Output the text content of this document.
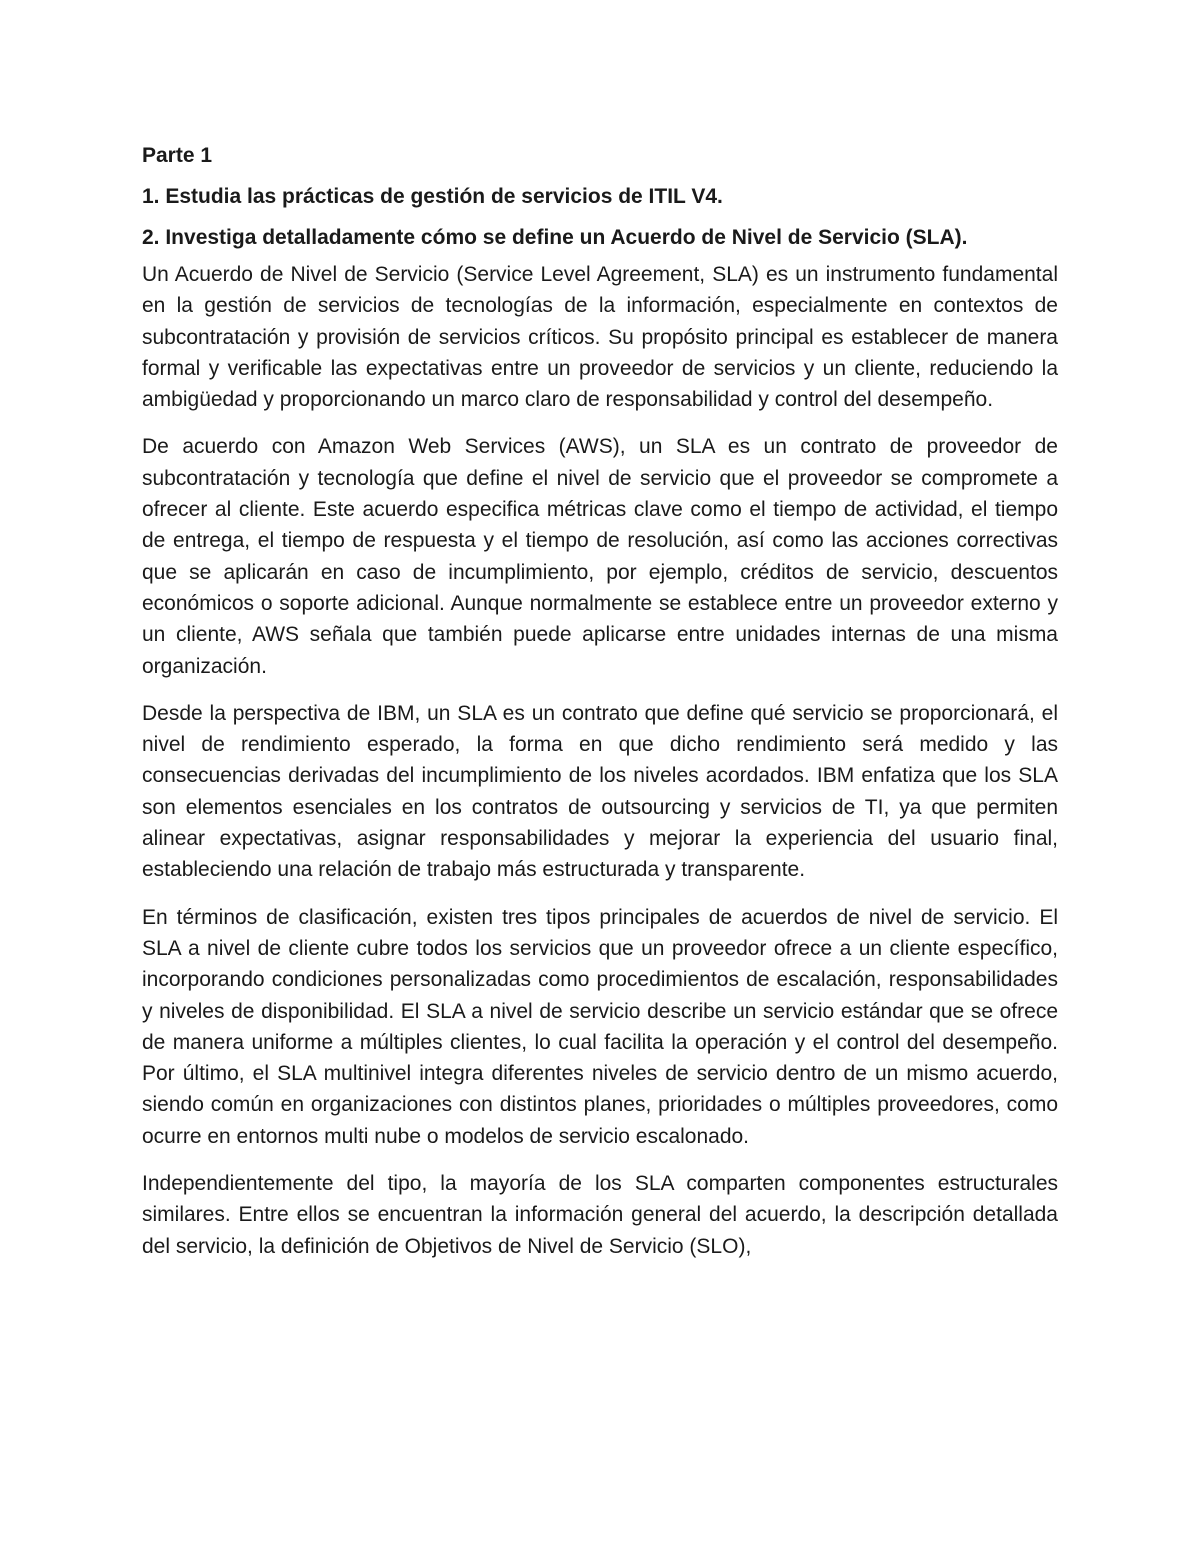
Parte 1
1. Estudia las prácticas de gestión de servicios de ITIL V4.
2. Investiga detalladamente cómo se define un Acuerdo de Nivel de Servicio (SLA).

Un Acuerdo de Nivel de Servicio (Service Level Agreement, SLA) es un instrumento fundamental en la gestión de servicios de tecnologías de la información, especialmente en contextos de subcontratación y provisión de servicios críticos. Su propósito principal es establecer de manera formal y verificable las expectativas entre un proveedor de servicios y un cliente, reduciendo la ambigüedad y proporcionando un marco claro de responsabilidad y control del desempeño.

De acuerdo con Amazon Web Services (AWS), un SLA es un contrato de proveedor de subcontratación y tecnología que define el nivel de servicio que el proveedor se compromete a ofrecer al cliente. Este acuerdo especifica métricas clave como el tiempo de actividad, el tiempo de entrega, el tiempo de respuesta y el tiempo de resolución, así como las acciones correctivas que se aplicarán en caso de incumplimiento, por ejemplo, créditos de servicio, descuentos económicos o soporte adicional. Aunque normalmente se establece entre un proveedor externo y un cliente, AWS señala que también puede aplicarse entre unidades internas de una misma organización.

Desde la perspectiva de IBM, un SLA es un contrato que define qué servicio se proporcionará, el nivel de rendimiento esperado, la forma en que dicho rendimiento será medido y las consecuencias derivadas del incumplimiento de los niveles acordados. IBM enfatiza que los SLA son elementos esenciales en los contratos de outsourcing y servicios de TI, ya que permiten alinear expectativas, asignar responsabilidades y mejorar la experiencia del usuario final, estableciendo una relación de trabajo más estructurada y transparente.

En términos de clasificación, existen tres tipos principales de acuerdos de nivel de servicio. El SLA a nivel de cliente cubre todos los servicios que un proveedor ofrece a un cliente específico, incorporando condiciones personalizadas como procedimientos de escalación, responsabilidades y niveles de disponibilidad. El SLA a nivel de servicio describe un servicio estándar que se ofrece de manera uniforme a múltiples clientes, lo cual facilita la operación y el control del desempeño. Por último, el SLA multinivel integra diferentes niveles de servicio dentro de un mismo acuerdo, siendo común en organizaciones con distintos planes, prioridades o múltiples proveedores, como ocurre en entornos multi nube o modelos de servicio escalonado.

Independientemente del tipo, la mayoría de los SLA comparten componentes estructurales similares. Entre ellos se encuentran la información general del acuerdo, la descripción detallada del servicio, la definición de Objetivos de Nivel de Servicio (SLO),
